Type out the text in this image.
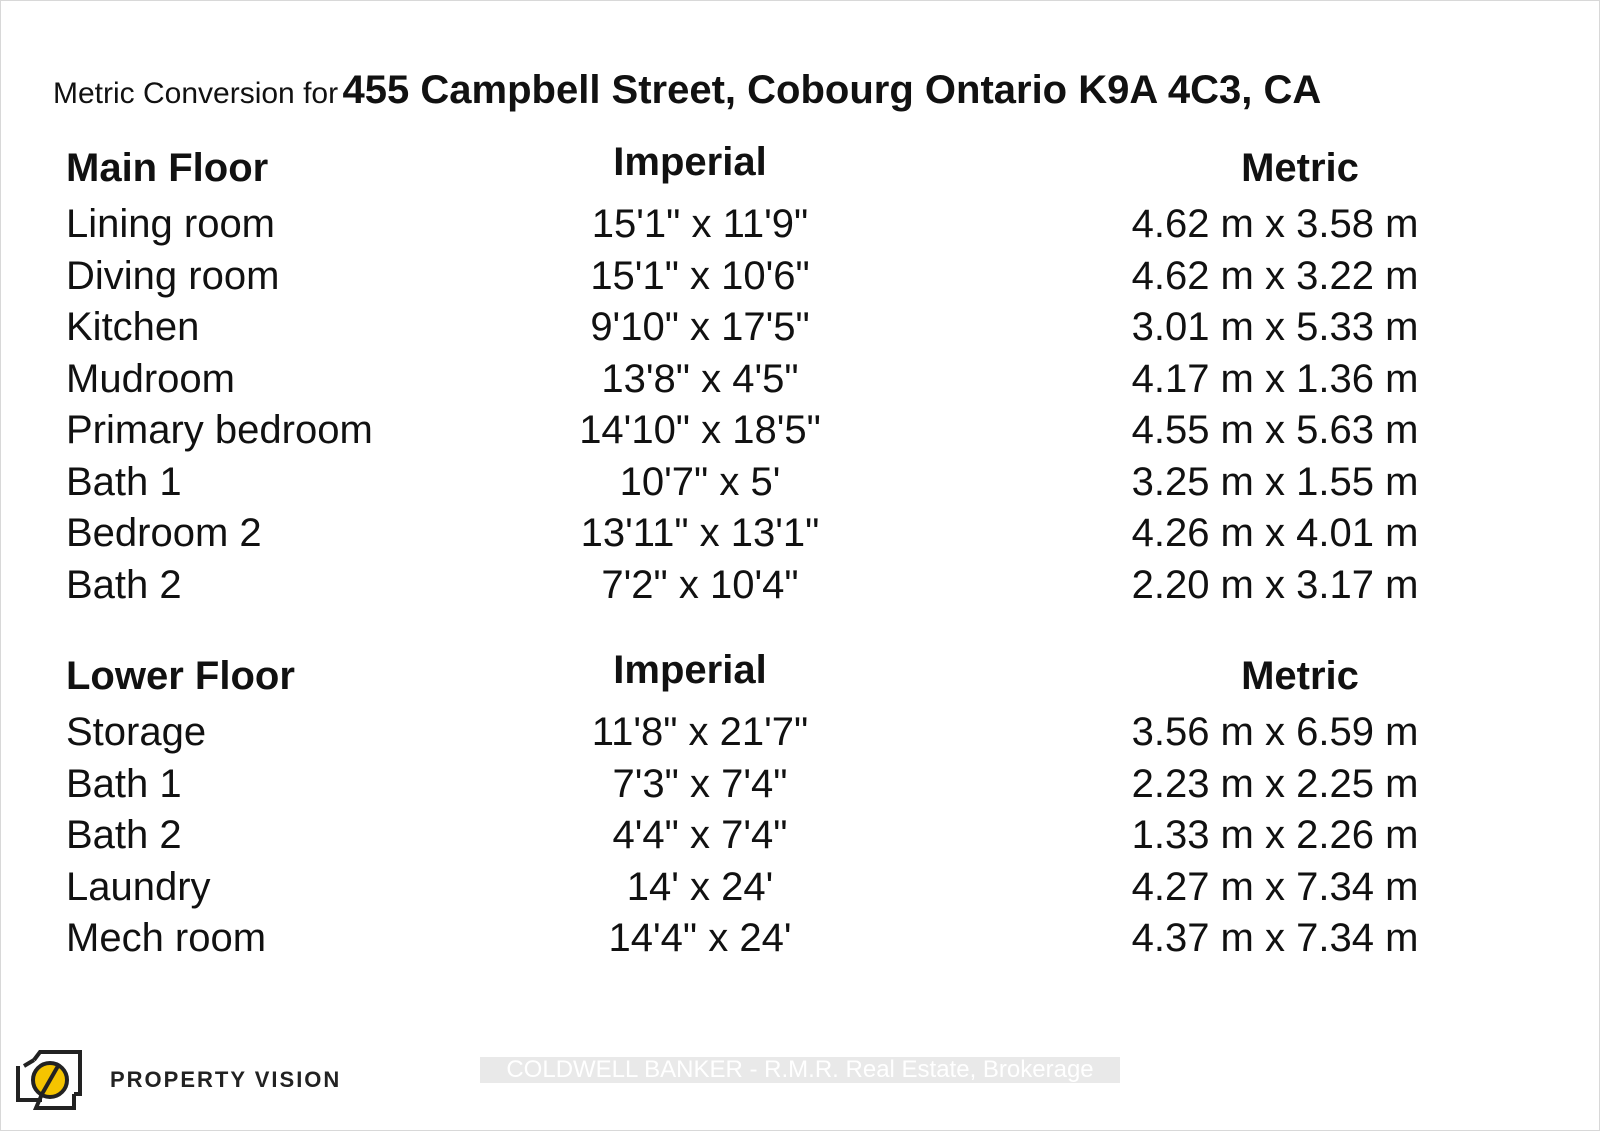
Metric Conversion for 455 Campbell Street, Cobourg Ontario K9A 4C3, CA
Main Floor	Imperial	Metric
Lining room	15'1" x 11'9"	4.62 m x 3.58 m
Diving room	15'1" x 10'6"	4.62 m x 3.22 m
Kitchen	9'10" x 17'5"	3.01 m x 5.33 m
Mudroom	13'8" x 4'5"	4.17 m x 1.36 m
Primary bedroom	14'10" x 18'5"	4.55 m x 5.63 m
Bath 1	10'7" x 5'	3.25 m x 1.55 m
Bedroom 2	13'11" x 13'1"	4.26 m x 4.01 m
Bath 2	7'2" x 10'4"	2.20 m x 3.17 m
Lower Floor	Imperial	Metric
Storage	11'8" x 21'7"	3.56 m x 6.59 m
Bath 1	7'3" x 7'4"	2.23 m x 2.25 m
Bath 2	4'4" x 7'4"	1.33 m x 2.26 m
Laundry	14' x 24'	4.27 m x 7.34 m
Mech room	14'4" x 24'	4.37 m x 7.34 m
PROPERTY VISION	COLDWELL BANKER - R.M.R. Real Estate, Brokerage
